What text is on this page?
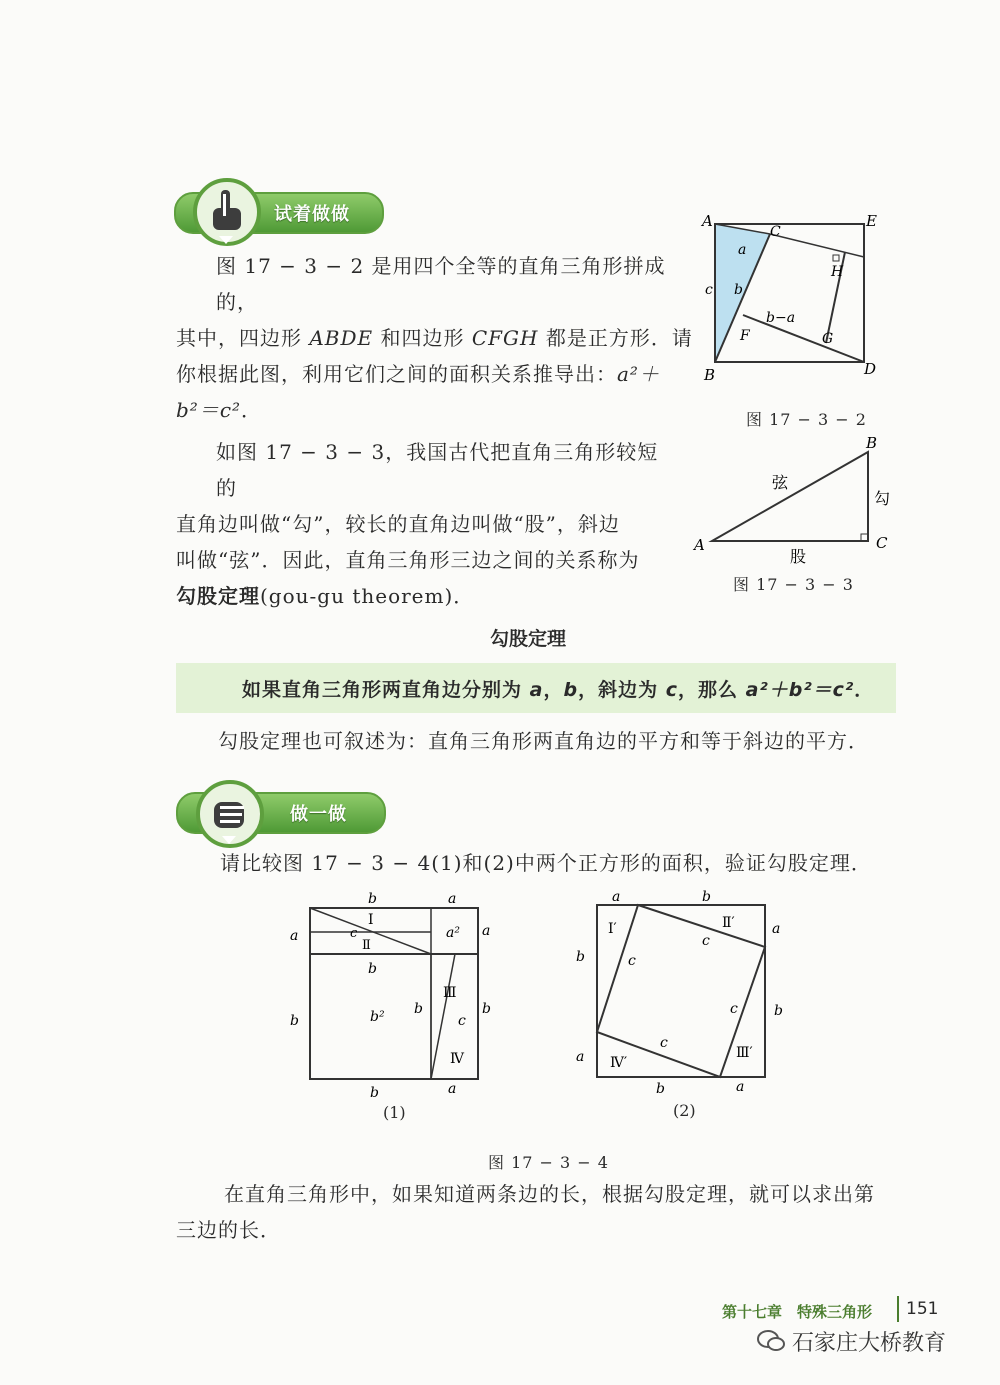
试着做做
图 17 − 3 − 2 是用四个全等的直角三角形拼成的，
其中，四边形 ABDE 和四边形 CFGH 都是正方形．请
你根据此图，利用它们之间的面积关系推导出：a²＋
b²＝c²．
A	E
B	D
C
H
F	G
a
b
c
b−a
图 17 − 3 − 2
如图 17 − 3 − 3，我国古代把直角三角形较短的
直角边叫做“勾”，较长的直角边叫做“股”，斜边
叫做“弦”．因此，直角三角形三边之间的关系称为
勾股定理(gou-gu theorem)．
B
A	C
弦
勾
股
图 17 − 3 − 3
勾股定理
如果直角三角形两直角边分别为 a，b，斜边为 c，那么 a²＋b²＝c²．
勾股定理也可叙述为：直角三角形两直角边的平方和等于斜边的平方．
做一做
请比较图 17 − 3 − 4(1)和(2)中两个正方形的面积，验证勾股定理．
b	a
a	a
Ⅰ
c
Ⅱ
a²
b
Ⅲ
b	b² b
c
b
Ⅳ
b	a
(1)
a	b
Ⅰ′	Ⅱ′
c
a
b	c
c	b
a Ⅳ′
c
Ⅲ′
b	a
(2)
图 17 − 3 − 4
在直角三角形中，如果知道两条边的长，根据勾股定理，就可以求出第
三边的长．
第十七章　特殊三角形 151
石家庄大桥教育
